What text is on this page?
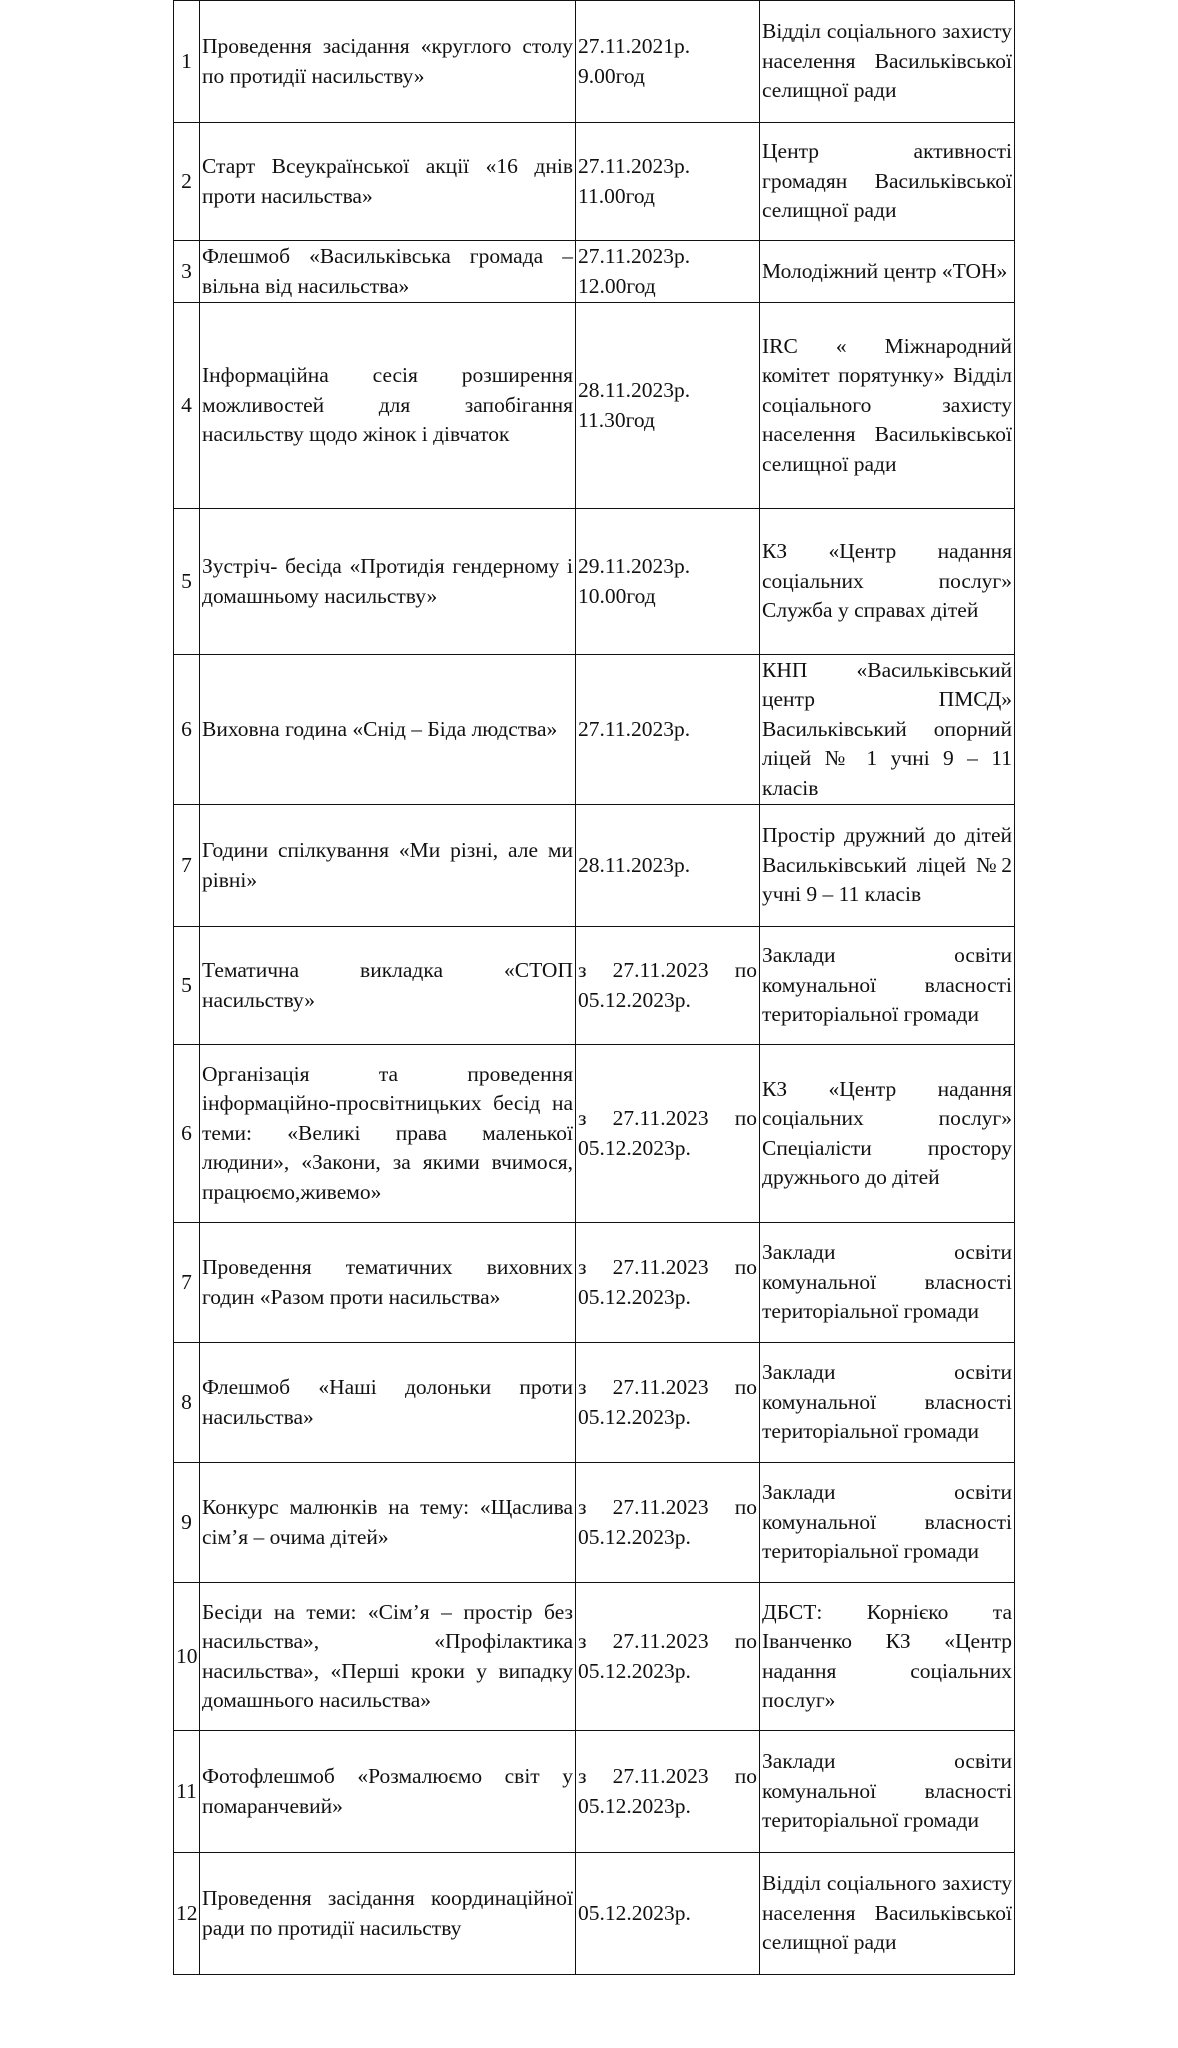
1	Проведення засідання «круглого столу по протидії насильству»	27.11.2021р. 9.00год	Відділ соціального захисту населення Васильківської селищної ради
2	Старт Всеукраїнської акції «16 днів проти насильства»	27.11.2023р. 11.00год	Центр активності громадян Васильківської селищної ради
3	Флешмоб «Васильківська громада – вільна від насильства»	27.11.2023р. 12.00год	Молодіжний центр «ТОН»
4	Інформаційна сесія розширення можливостей для запобігання насильству щодо жінок і дівчаток	28.11.2023р. 11.30год	IRC « Міжнародний комітет порятунку» Відділ соціального захисту населення Васильківської селищної ради
5	Зустріч- бесіда «Протидія гендерному і домашньому насильству»	29.11.2023р. 10.00год	КЗ «Центр надання соціальних послуг» Служба у справах дітей
6	Виховна година «Снід – Біда людства»	27.11.2023р.	КНП «Васильківський центр ПМСД» Васильківський опорний ліцей № 1 учні 9 – 11 класів
7	Години спілкування «Ми різні, але ми рівні»	28.11.2023р.	Простір дружний до дітей Васильківський ліцей №2 учні 9 – 11 класів
5	Тематична викладка «СТОП насильству»	з 27.11.2023 по 05.12.2023р.	Заклади освіти комунальної власності територіальної громади
6	Організація та проведення інформаційно-просвітницьких бесід на теми: «Великі права маленької людини», «Закони, за якими вчимося, працюємо,живемо»	з 27.11.2023 по 05.12.2023р.	КЗ «Центр надання соціальних послуг» Спеціалісти простору дружнього до дітей
7	Проведення тематичних виховних годин «Разом проти насильства»	з 27.11.2023 по 05.12.2023р.	Заклади освіти комунальної власності територіальної громади
8	Флешмоб «Наші долоньки проти насильства»	з 27.11.2023 по 05.12.2023р.	Заклади освіти комунальної власності територіальної громади
9	Конкурс малюнків на тему: «Щаслива сім’я – очима дітей»	з 27.11.2023 по 05.12.2023р.	Заклади освіти комунальної власності територіальної громади
10	Бесіди на теми: «Сім’я – простір без насильства», «Профілактика насильства», «Перші кроки у випадку домашнього насильства»	з 27.11.2023 по 05.12.2023р.	ДБСТ: Корнієко та Іванченко КЗ «Центр надання соціальних послуг»
11	Фотофлешмоб «Розмалюємо світ у помаранчевий»	з 27.11.2023 по 05.12.2023р.	Заклади освіти комунальної власності територіальної громади
12	Проведення засідання координаційної ради по протидії насильству	05.12.2023р.	Відділ соціального захисту населення Васильківської селищної ради
